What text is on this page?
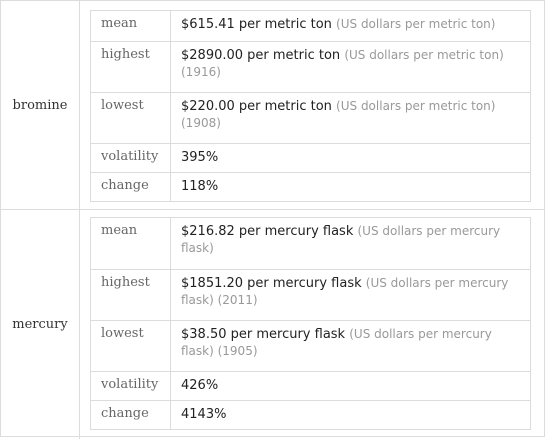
bromine
mean	$615.41 per metric ton (US dollars per metric ton)
highest	$2890.00 per metric ton (US dollars per metric ton) (1916)
lowest	$220.00 per metric ton (US dollars per metric ton) (1908)
volatility	395%
change	118%
mercury
mean	$216.82 per mercury flask (US dollars per mercury flask)
highest	$1851.20 per mercury flask (US dollars per mercury flask) (2011)
lowest	$38.50 per mercury flask (US dollars per mercury flask) (1905)
volatility	426%
change	4143%
